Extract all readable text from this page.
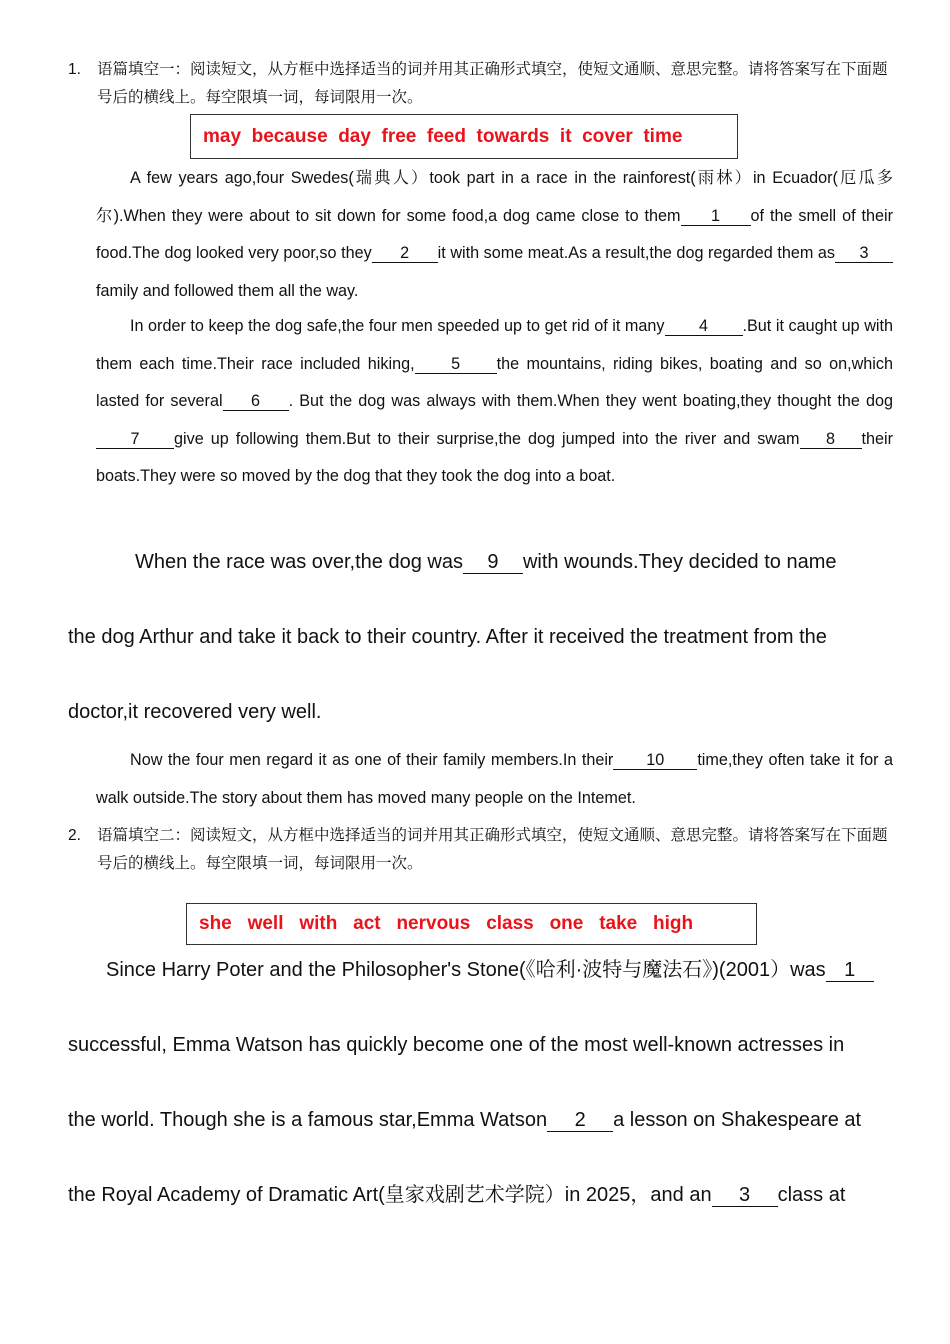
1. 语篇填空一：阅读短文，从方框中选择适当的词并用其正确形式填空，使短文通顺、意思完整。请将答案写在下面题号后的横线上。每空限填一词，每词限用一次。
may  because  day  free  feed  towards  it  cover  time
A few years ago,four Swedes(瑞典人）took part in a race in the rainforest(雨林）in Ecuador(厄瓜多尔).When they were about to sit down for some food,a dog came close to them 1 of the smell of their food.The dog looked very poor,so they 2 it with some meat.As a result,the dog regarded them as 3family and followed them all the way.
In order to keep the dog safe,the four men speeded up to get rid of it many 4 .But it caught up with them each time.Their race included hiking, 5 the mountains, riding bikes, boating and so on,which lasted for several 6 . But the dog was always with them.When they went boating,they thought the dog7 give up following them.But to their surprise,the dog jumped into the river and swam 8 their boats.They were so moved by the dog that they took the dog into a boat.
When the race was over,the dog was 9 with wounds.They decided to name
the dog Arthur and take it back to their country. After it received the treatment from the
doctor,it recovered very well.
Now the four men regard it as one of their family members.In their 10 time,they often take it for a walk outside.The story about them has moved many people on the Intemet.
2. 语篇填空二：阅读短文，从方框中选择适当的词并用其正确形式填空，使短文通顺、意思完整。请将答案写在下面题号后的横线上。每空限填一词，每词限用一次。
she   well   with   act   nervous   class   one   take   high
Since Harry Poter and the Philosopher's Stone(《哈利·波特与魔法石》)(2001）was 1
successful, Emma Watson has quickly become one of the most well-known actresses in
the world. Though she is a famous star,Emma Watson 2 a lesson on Shakespeare at
the Royal Academy of Dramatic Art(皇家戏剧艺术学院）in 2025，and an 3 class at
